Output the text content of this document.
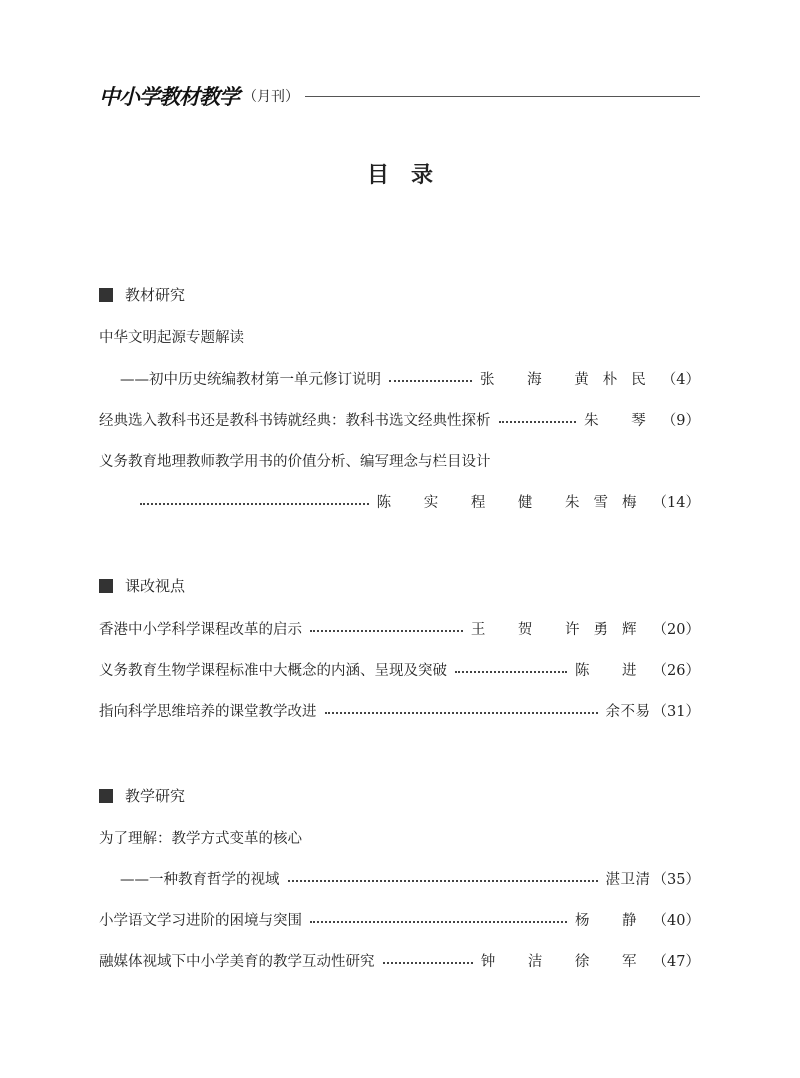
中小学教材教学 （月刊）
目录
教材研究
中华文明起源专题解读
——初中历史统编教材第一单元修订说明	张 海 黄朴民 （4）
经典选入教科书还是教科书铸就经典：教科书选文经典性探析	朱 琴 （9）
义务教育地理教师教学用书的价值分析、编写理念与栏目设计
陈 实 程 健 朱雪梅 （14）
课改视点
香港中小学科学课程改革的启示	王 贺 许勇辉 （20）
义务教育生物学课程标准中大概念的内涵、呈现及突破	陈 进 （26）
指向科学思维培养的课堂教学改进	余不易 （31）
教学研究
为了理解：教学方式变革的核心
——一种教育哲学的视域	湛卫清 （35）
小学语文学习进阶的困境与突围	杨 静 （40）
融媒体视域下中小学美育的教学互动性研究	钟 洁 徐 军 （47）
